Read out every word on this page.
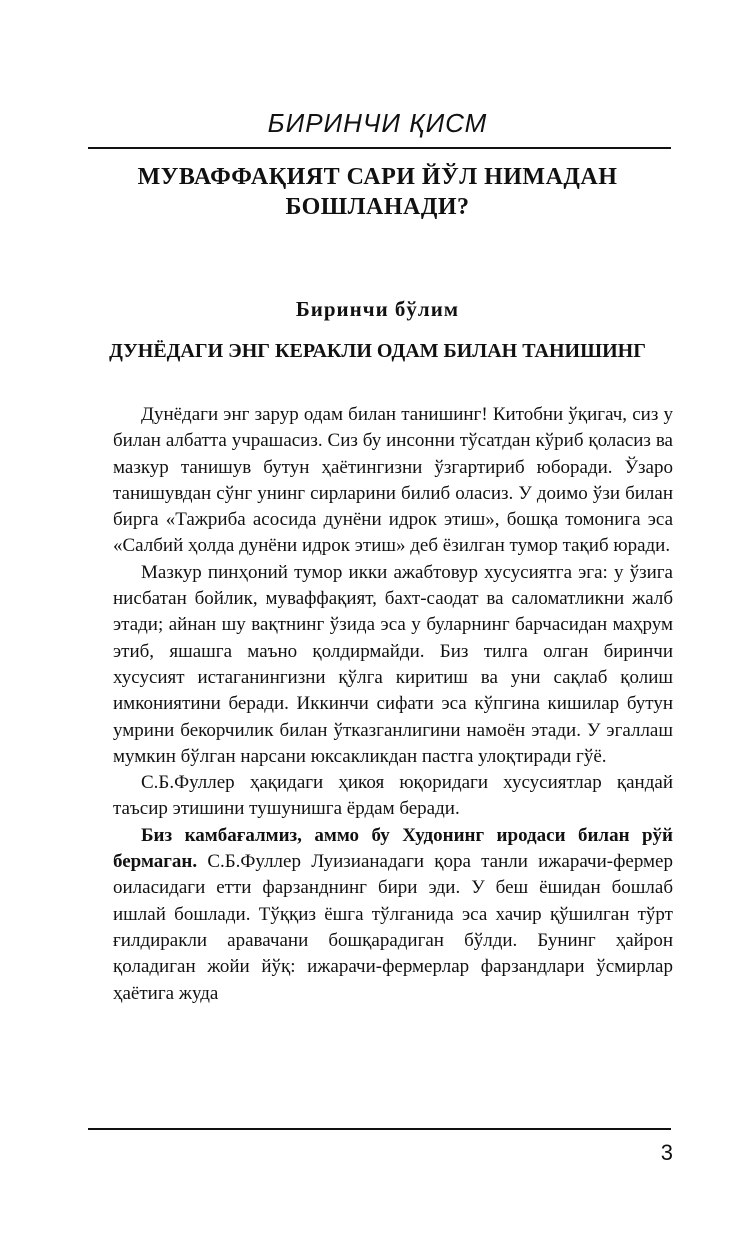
БИРИНЧИ ҚИСМ
МУВАФФАҚИЯТ САРИ ЙЎЛ НИМАДАН БОШЛАНАДИ?
Биринчи бўлим
ДУНЁДАГИ ЭНГ КЕРАКЛИ ОДАМ БИЛАН ТАНИШИНГ

Дунёдаги энг зарур одам билан танишинг! Китобни ўқигач, сиз у билан албатта учрашасиз. Сиз бу инсонни тўсатдан кўриб қоласиз ва мазкур танишув бутун ҳаётингизни ўзгартириб юборади. Ўзаро танишувдан сўнг унинг сирларини билиб оласиз. У доимо ўзи билан бирга «Тажриба асосида дунёни идрок этиш», бошқа томонига эса «Салбий ҳолда дунёни идрок этиш» деб ёзилган тумор тақиб юради.

Мазкур пинҳоний тумор икки ажабтовур хусусиятга эга: у ўзига нисбатан бойлик, муваффақият, бахт-саодат ва саломатликни жалб этади; айнан шу вақтнинг ўзида эса у буларнинг барчасидан маҳрум этиб, яшашга маъно қолдирмайди. Биз тилга олган биринчи хусусият истаганингизни қўлга киритиш ва уни сақлаб қолиш имкониятини беради. Иккинчи сифати эса кўпгина кишилар бутун умрини бекорчилик билан ўтказганлигини намоён этади. У эгаллаш мумкин бўлган нарсани юксакликдан пастга улоқтиради гўё.

С.Б.Фуллер ҳақидаги ҳикоя юқоридаги хусусиятлар қандай таъсир этишини тушунишга ёрдам беради.

Биз камбағалмиз, аммо бу Худонинг иродаси билан рўй бермаган. С.Б.Фуллер Луизианадаги қора танли ижарачи-фермер оиласидаги етти фарзанднинг бири эди. У беш ёшидан бошлаб ишлай бошлади. Тўққиз ёшга тўлганида эса хачир қўшилган тўрт ғилдиракли аравачани бошқарадиган бўлди. Бунинг ҳайрон қоладиган жойи йўқ: ижарачи-фермерлар фарзандлари ўсмирлар ҳаётига жуда

3
